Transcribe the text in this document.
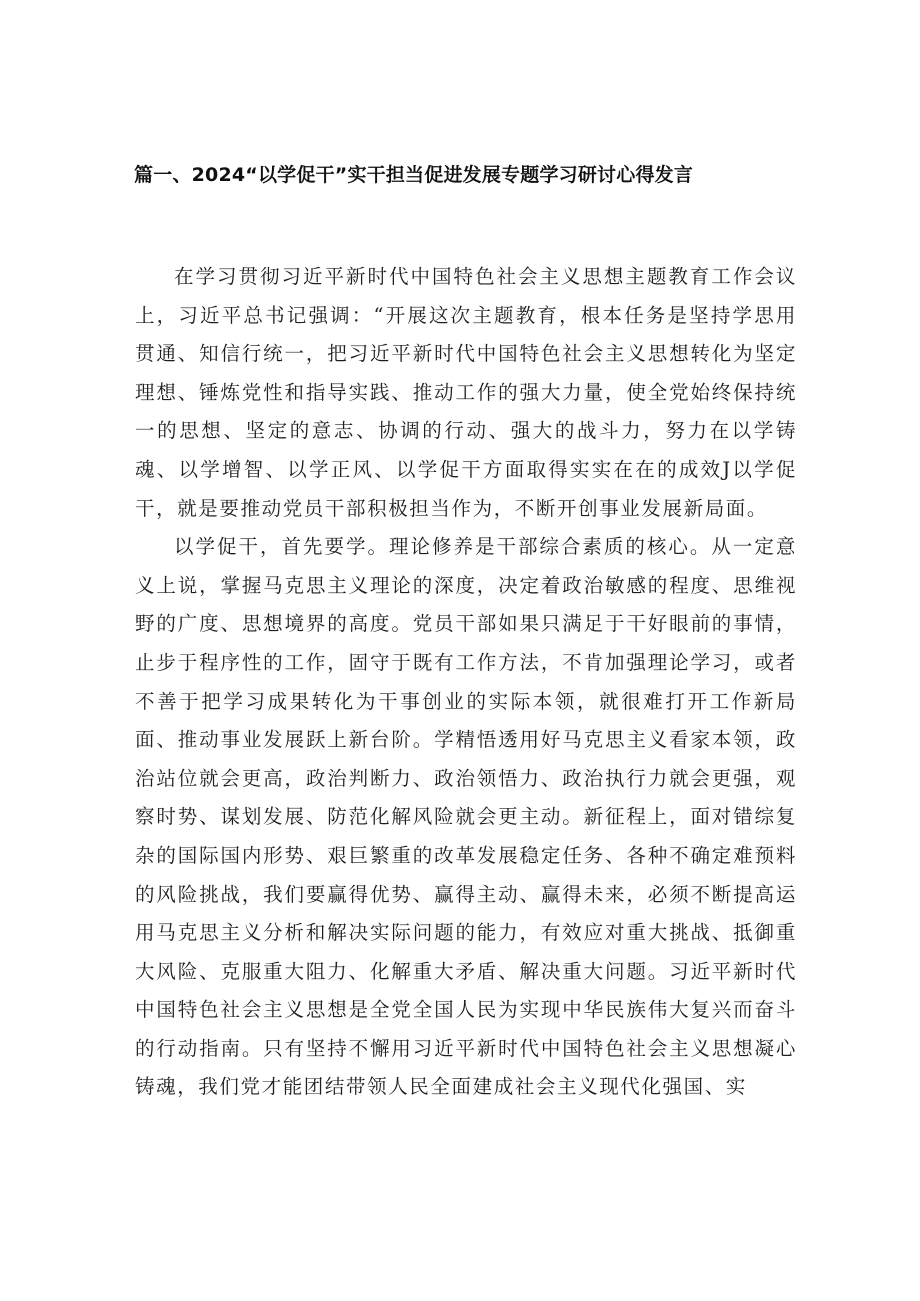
篇一、2024“以学促干”实干担当促进发展专题学习研讨心得发言

在学习贯彻习近平新时代中国特色社会主义思想主题教育工作会议上，习近平总书记强调：“开展这次主题教育，根本任务是坚持学思用贯通、知信行统一，把习近平新时代中国特色社会主义思想转化为坚定理想、锤炼党性和指导实践、推动工作的强大力量，使全党始终保持统一的思想、坚定的意志、协调的行动、强大的战斗力，努力在以学铸魂、以学增智、以学正风、以学促干方面取得实实在在的成效J以学促干，就是要推动党员干部积极担当作为，不断开创事业发展新局面。

以学促干，首先要学。理论修养是干部综合素质的核心。从一定意义上说，掌握马克思主义理论的深度，决定着政治敏感的程度、思维视野的广度、思想境界的高度。党员干部如果只满足于干好眼前的事情，止步于程序性的工作，固守于既有工作方法，不肯加强理论学习，或者不善于把学习成果转化为干事创业的实际本领，就很难打开工作新局面、推动事业发展跃上新台阶。学精悟透用好马克思主义看家本领，政治站位就会更高，政治判断力、政治领悟力、政治执行力就会更强，观察时势、谋划发展、防范化解风险就会更主动。新征程上，面对错综复杂的国际国内形势、艰巨繁重的改革发展稳定任务、各种不确定难预料的风险挑战，我们要赢得优势、赢得主动、赢得未来，必须不断提高运用马克思主义分析和解决实际问题的能力，有效应对重大挑战、抵御重大风险、克服重大阻力、化解重大矛盾、解决重大问题。习近平新时代中国特色社会主义思想是全党全国人民为实现中华民族伟大复兴而奋斗的行动指南。只有坚持不懈用习近平新时代中国特色社会主义思想凝心铸魂，我们党才能团结带领人民全面建成社会主义现代化强国、实
